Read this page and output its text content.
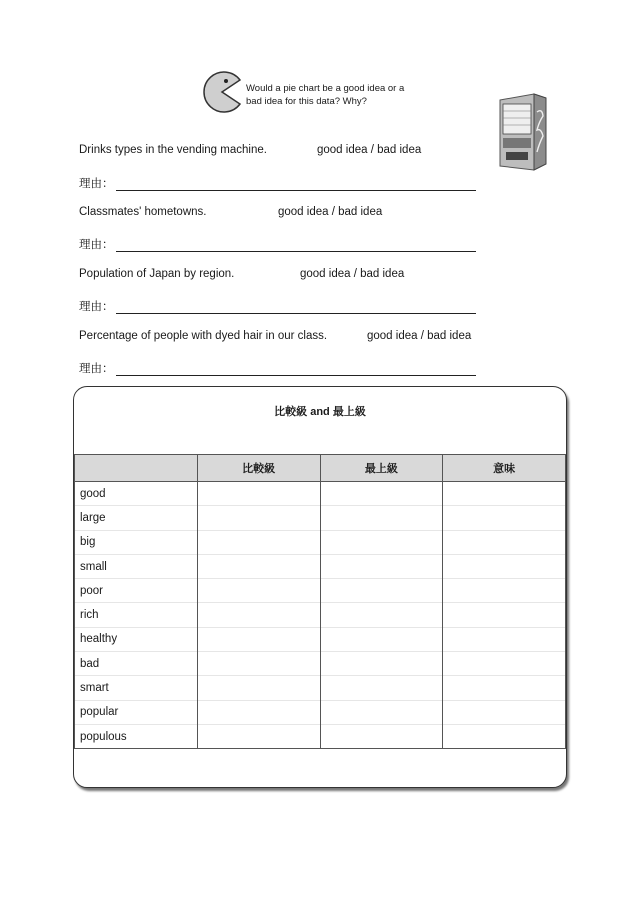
Would a pie chart be a good idea or a
bad idea for this data? Why?
Drinks types in the vending machine.	good idea / bad idea
理由：
Classmates' hometowns.	good idea / bad idea
理由：
Population of Japan by region.	good idea / bad idea
理由：
Percentage of people with dyed hair in our class.	good idea / bad idea
理由：
比較級 and 最上級
	比較級	最上級	意味
good			
large			
big			
small			
poor			
rich			
healthy			
bad			
smart			
popular			
populous			
